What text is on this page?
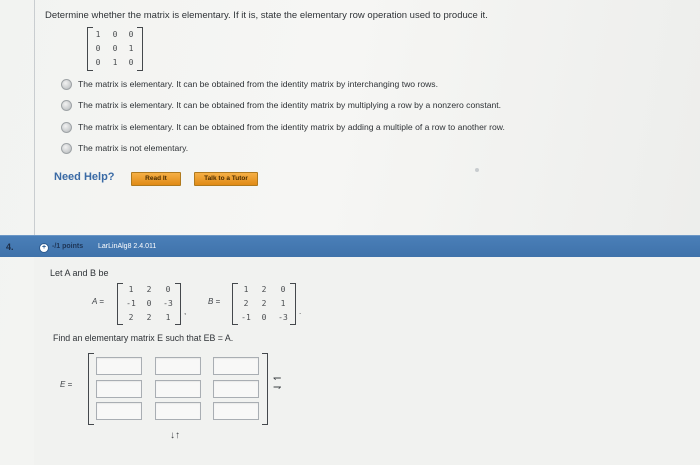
Determine whether the matrix is elementary. If it is, state the elementary row operation used to produce it.
1	0	0
0	0	1
0	1	0
The matrix is elementary. It can be obtained from the identity matrix by interchanging two rows.
The matrix is elementary. It can be obtained from the identity matrix by multiplying a row by a nonzero constant.
The matrix is elementary. It can be obtained from the identity matrix by adding a multiple of a row to another row.
The matrix is not elementary.
Need Help?	Read It	Talk to a Tutor
4.	+ -/1 points LarLinAlg8 2.4.011
Let A and B be
A =
1	2	0
-1	0	-3
2	2	1
,
B =
1	2	0
2	2	1
-1	0	-3
.
Find an elementary matrix E such that EB = A.
E =
↽
⇁
↓↑
